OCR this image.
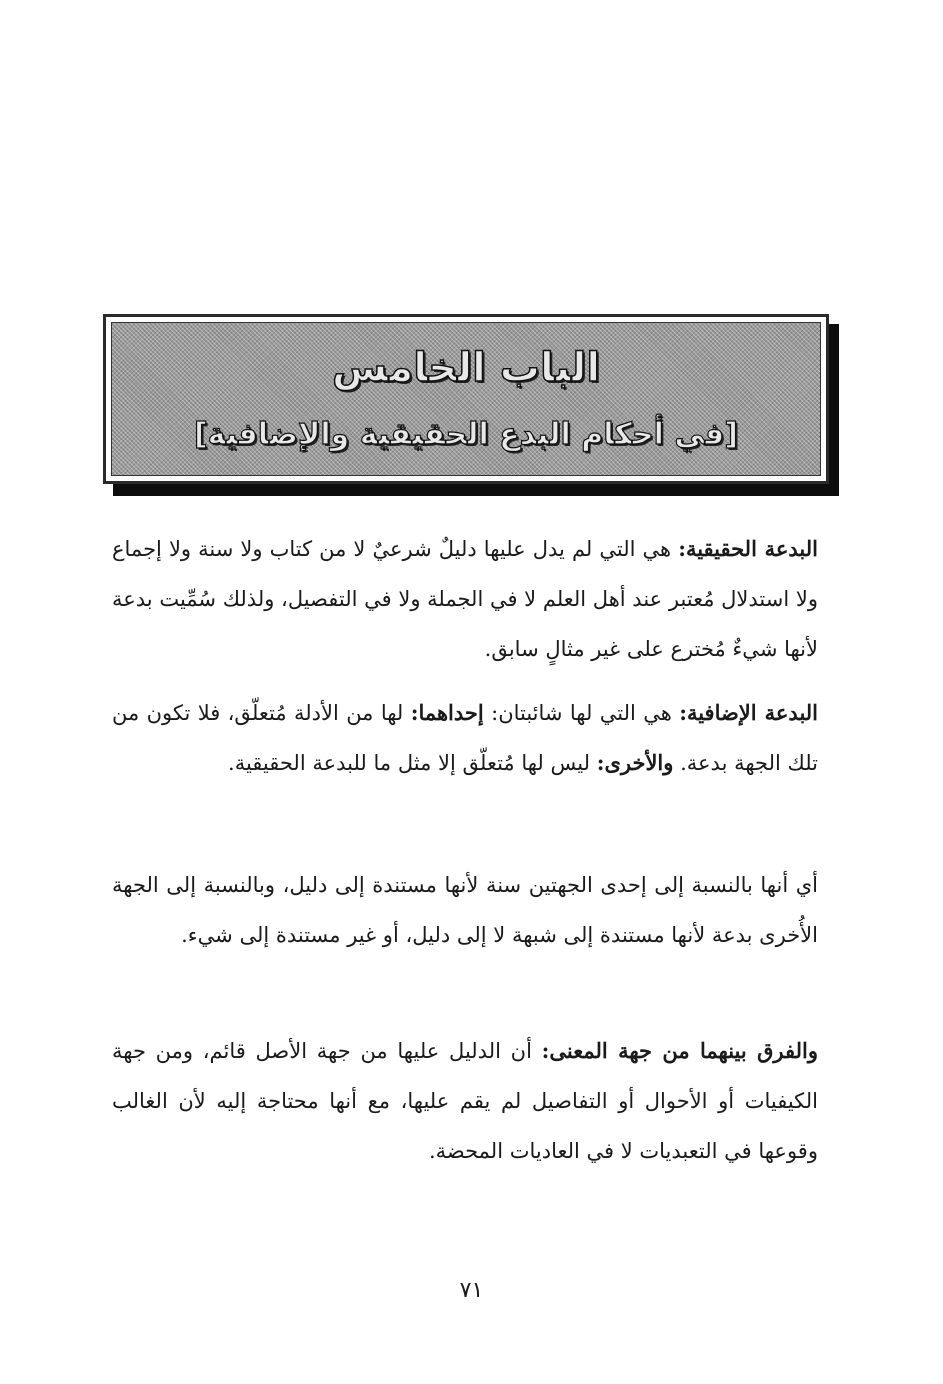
الباب الخامس
[في أحكام البدع الحقيقية والإضافية]
البدعة الحقيقية: هي التي لم يدل عليها دليلٌ شرعيٌ لا من كتاب ولا سنة ولا إجماع ولا استدلال مُعتبر عند أهل العلم لا في الجملة ولا في التفصيل، ولذلك سُمِّيت بدعة لأنها شيءٌ مُخترع على غير مثالٍ سابق.
البدعة الإضافية: هي التي لها شائبتان: إحداهما: لها من الأدلة مُتعلّق، فلا تكون من تلك الجهة بدعة. والأخرى: ليس لها مُتعلّق إلا مثل ما للبدعة الحقيقية.
أي أنها بالنسبة إلى إحدى الجهتين سنة لأنها مستندة إلى دليل، وبالنسبة إلى الجهة الأُخرى بدعة لأنها مستندة إلى شبهة لا إلى دليل، أو غير مستندة إلى شيء.
والفرق بينهما من جهة المعنى: أن الدليل عليها من جهة الأصل قائم، ومن جهة الكيفيات أو الأحوال أو التفاصيل لم يقم عليها، مع أنها محتاجة إليه لأن الغالب وقوعها في التعبديات لا في العاديات المحضة.
٧١
